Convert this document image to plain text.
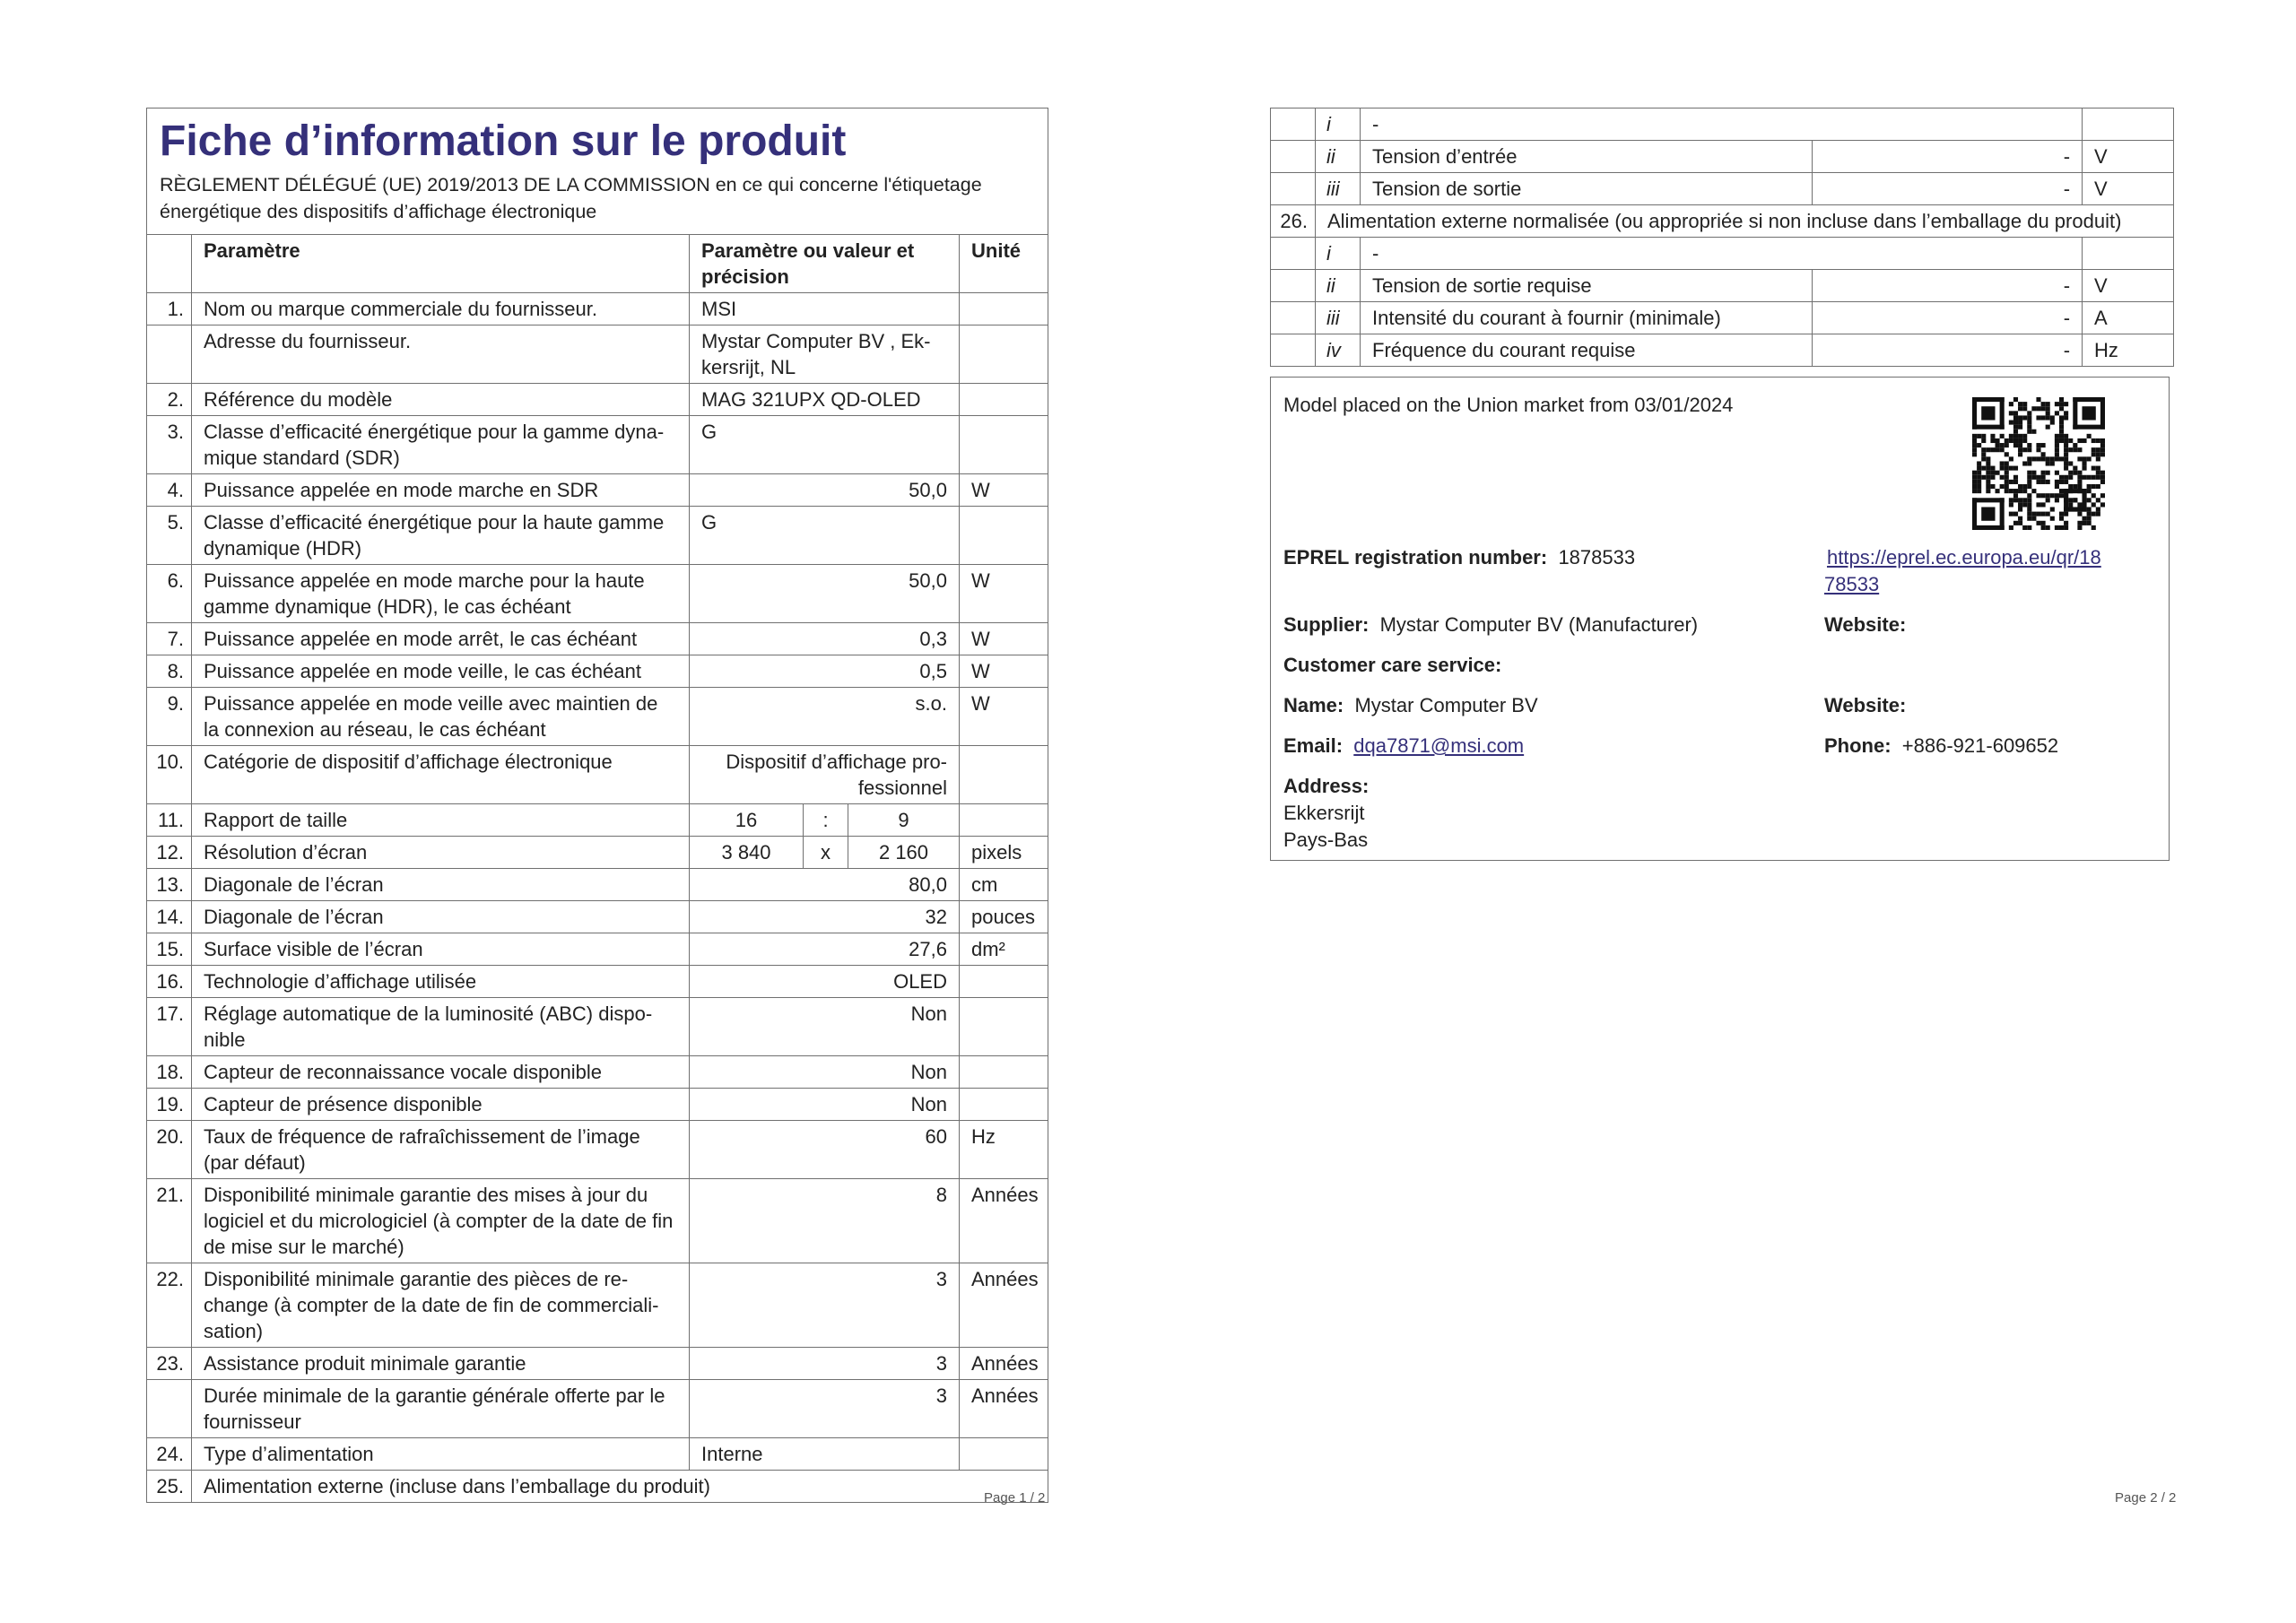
Fiche d’information sur le produit
RÈGLEMENT DÉLÉGUÉ (UE) 2019/2013 DE LA COMMISSION en ce qui concerne l'étiquetage énergétique des dispositifs d’affichage électronique					

	Paramètre	Paramètre ou valeur et précision			Unité
1.	Nom ou marque commerciale du fournisseur.	MSI			
	Adresse du fournisseur.	Mystar Computer BV , Ek-kersrijt, NL			
2.	Référence du modèle	MAG 321UPX QD-OLED			
3.	Classe d’efficacité énergétique pour la gamme dyna-mique standard (SDR)	G			
4.	Puissance appelée en mode marche en SDR	50,0			W
5.	Classe d’efficacité énergétique pour la haute gamme dynamique (HDR)	G			
6.	Puissance appelée en mode marche pour la haute gamme dynamique (HDR), le cas échéant	50,0			W
7.	Puissance appelée en mode arrêt, le cas échéant	0,3			W
8.	Puissance appelée en mode veille, le cas échéant	0,5			W
9.	Puissance appelée en mode veille avec maintien de la connexion au réseau, le cas échéant	s.o.			W
10.	Catégorie de dispositif d’affichage électronique	Dispositif d’affichage pro-fessionnel			
11.	Rapport de taille	16	:	9	
12.	Résolution d’écran	3 840	x	2 160	pixels
13.	Diagonale de l’écran	80,0			cm
14.	Diagonale de l’écran	32			pouces
15.	Surface visible de l’écran	27,6			dm²
16.	Technologie d’affichage utilisée	OLED			
17.	Réglage automatique de la luminosité (ABC) dispo-nible	Non			
18.	Capteur de reconnaissance vocale disponible	Non			
19.	Capteur de présence disponible	Non			
20.	Taux de fréquence de rafraîchissement de l’image (par défaut)	60			Hz
21.	Disponibilité minimale garantie des mises à jour du logiciel et du micrologiciel (à compter de la date de fin de mise sur le marché)	8			Années
22.	Disponibilité minimale garantie des pièces de re-change (à compter de la date de fin de commerciali-sation)	3			Années
23.	Assistance produit minimale garantie	3			Années
	Durée minimale de la garantie générale offerte par le fournisseur	3			Années
24.	Type d’alimentation	Interne			
25.	Alimentation externe (incluse dans l’emballage du produit)				
Page 1 / 2
	i	-		
	ii	Tension d’entrée	-	V
	iii	Tension de sortie	-	V
26.	Alimentation externe normalisée (ou appropriée si non incluse dans l’emballage du produit)			
	i	-		
	ii	Tension de sortie requise	-	V
	iii	Intensité du courant à fournir (minimale)	-	A
	iv	Fréquence du courant requise	-	Hz
Model placed on the Union market from 03/01/2024
EPREL registration number: 1878533	https://eprel.ec.europa.eu/qr/18
78533
Supplier: Mystar Computer BV (Manufacturer)	Website:
Customer care service:
Name: Mystar Computer BV	Website:
Email: dqa7871@msi.com	Phone: +886-921-609652
Address:
Ekkersrijt
Pays-Bas
Page 2 / 2
